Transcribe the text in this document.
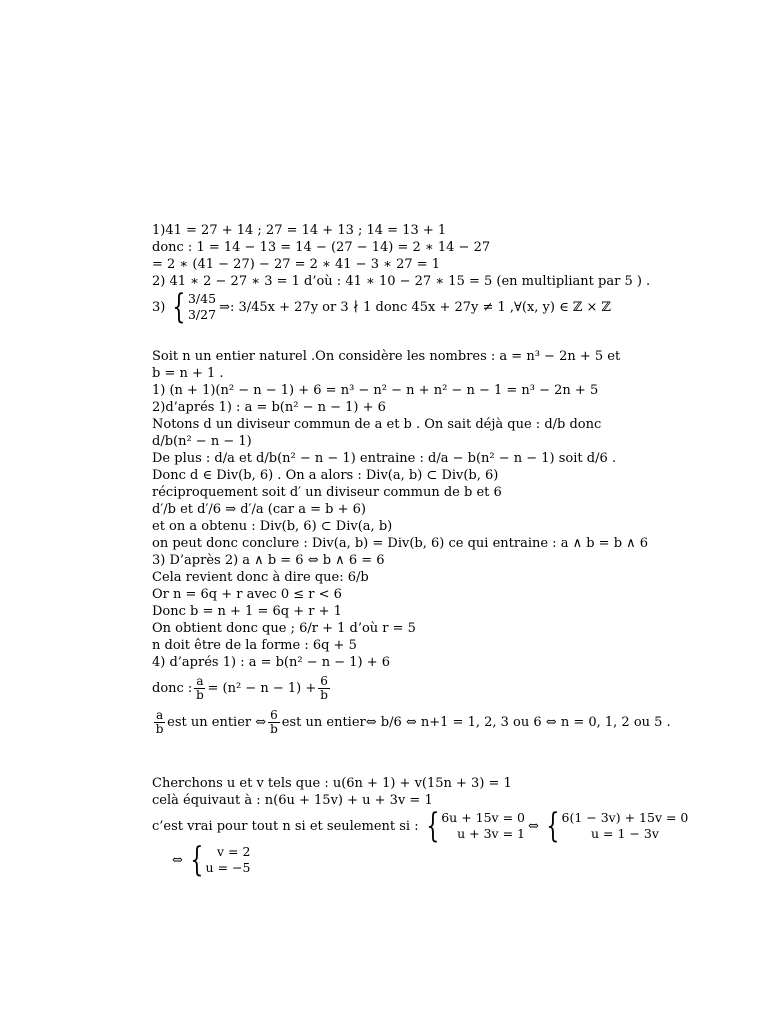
1)41 = 27 + 14 ; 27 = 14 + 13 ; 14 = 13 + 1
donc : 1 = 14 − 13 = 14 − (27 − 14) = 2 ∗ 14 − 27
= 2 ∗ (41 − 27) − 27 = 2 ∗ 41 − 3 ∗ 27 = 1
2) 41 ∗ 2 − 27 ∗ 3 = 1 d’où : 41 ∗ 10 − 27 ∗ 15 = 5 (en multipliant par 5 ) .
3) { 3/45
3/27 ⇒: 3/45x + 27y or 3 ∤ 1 donc 45x + 27y ≠ 1 ,∀(x, y) ∈ ℤ × ℤ
Soit n un entier naturel .On considère les nombres : a = n³ − 2n + 5 et
b = n + 1 .
1) (n + 1)(n² − n − 1) + 6 = n³ − n² − n + n² − n − 1 = n³ − 2n + 5
2)d’aprés 1) : a = b(n² − n − 1) + 6
Notons d un diviseur commun de a et b . On sait déjà que : d/b donc
d/b(n² − n − 1)
De plus : d/a et d/b(n² − n − 1) entraine : d/a − b(n² − n − 1) soit d/6 .
Donc d ∈ Div(b, 6) . On a alors : Div(a, b) ⊂ Div(b, 6)
réciproquement soit d′ un diviseur commun de b et 6
d′/b et d′/6 ⇒ d′/a (car a = b + 6)
et on a obtenu : Div(b, 6) ⊂ Div(a, b)
on peut donc conclure : Div(a, b) = Div(b, 6) ce qui entraine : a ∧ b = b ∧ 6
3) D’après 2) a ∧ b = 6 ⇔ b ∧ 6 = 6
Cela revient donc à dire que: 6/b
Or n = 6q + r avec 0 ≤ r < 6
Donc b = n + 1 = 6q + r + 1
On obtient donc que ; 6/r + 1 d’où r = 5
n doit être de la forme : 6q + 5
4) d’aprés 1) : a = b(n² − n − 1) + 6
donc : $\frac{a}{b} = (n^2 - n - 1) + \frac{6}{b}$
$\frac{a}{b}$ est un entier ⇔ $\frac{6}{b}$ est un entier⇔ b/6 ⇔ n+1 = 1, 2, 3 ou 6 ⇔ n = 0, 1, 2 ou 5 .
Cherchons u et v tels que : u(6n + 1) + v(15n + 3) = 1
celà équivaut à : n(6u + 15v) + u + 3v = 1
c’est vrai pour tout n si et seulement si : { 6u + 15v = 0
u + 3v = 1 ⇔ { 6(1 − 3v) + 15v = 0
u = 1 − 3v
⇔ {	v = 2
u = −5
